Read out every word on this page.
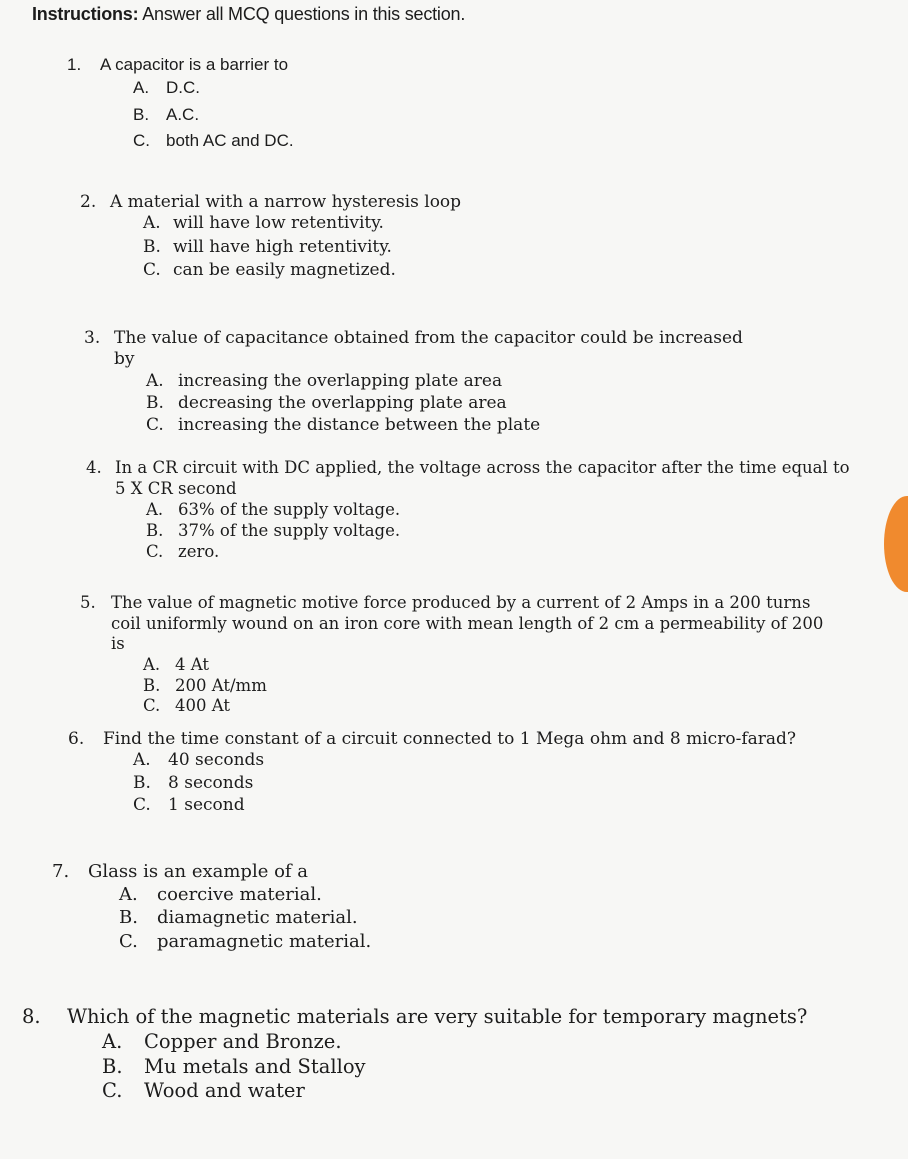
Instructions: Answer all MCQ questions in this section.
1.	A capacitor is a barrier to
A. D.C.
B. A.C.
C. both AC and DC.
2. A material with a narrow hysteresis loop
A. will have low retentivity.
B. will have high retentivity.
C. can be easily magnetized.
3. The value of capacitance obtained from the capacitor could be increased by
A. increasing the overlapping plate area
B. decreasing the overlapping plate area
C. increasing the distance between the plate
4. In a CR circuit with DC applied, the voltage across the capacitor after the time equal to 5 X CR second
A. 63% of the supply voltage.
B. 37% of the supply voltage.
C. zero.
5. The value of magnetic motive force produced by a current of 2 Amps in a 200 turns coil uniformly wound on an iron core with mean length of 2 cm a permeability of 200 is
A. 4 At
B. 200 At/mm
C. 400 At
6.	Find the time constant of a circuit connected to 1 Mega ohm and 8 micro-farad?
A.	40 seconds
B.	8 seconds
C.	1 second
7.	Glass is an example of a
A.	coercive material.
B.	diamagnetic material.
C.	paramagnetic material.
8.	Which of the magnetic materials are very suitable for temporary magnets?
A.	Copper and Bronze.
B.	Mu metals and Stalloy
C.	Wood and water
